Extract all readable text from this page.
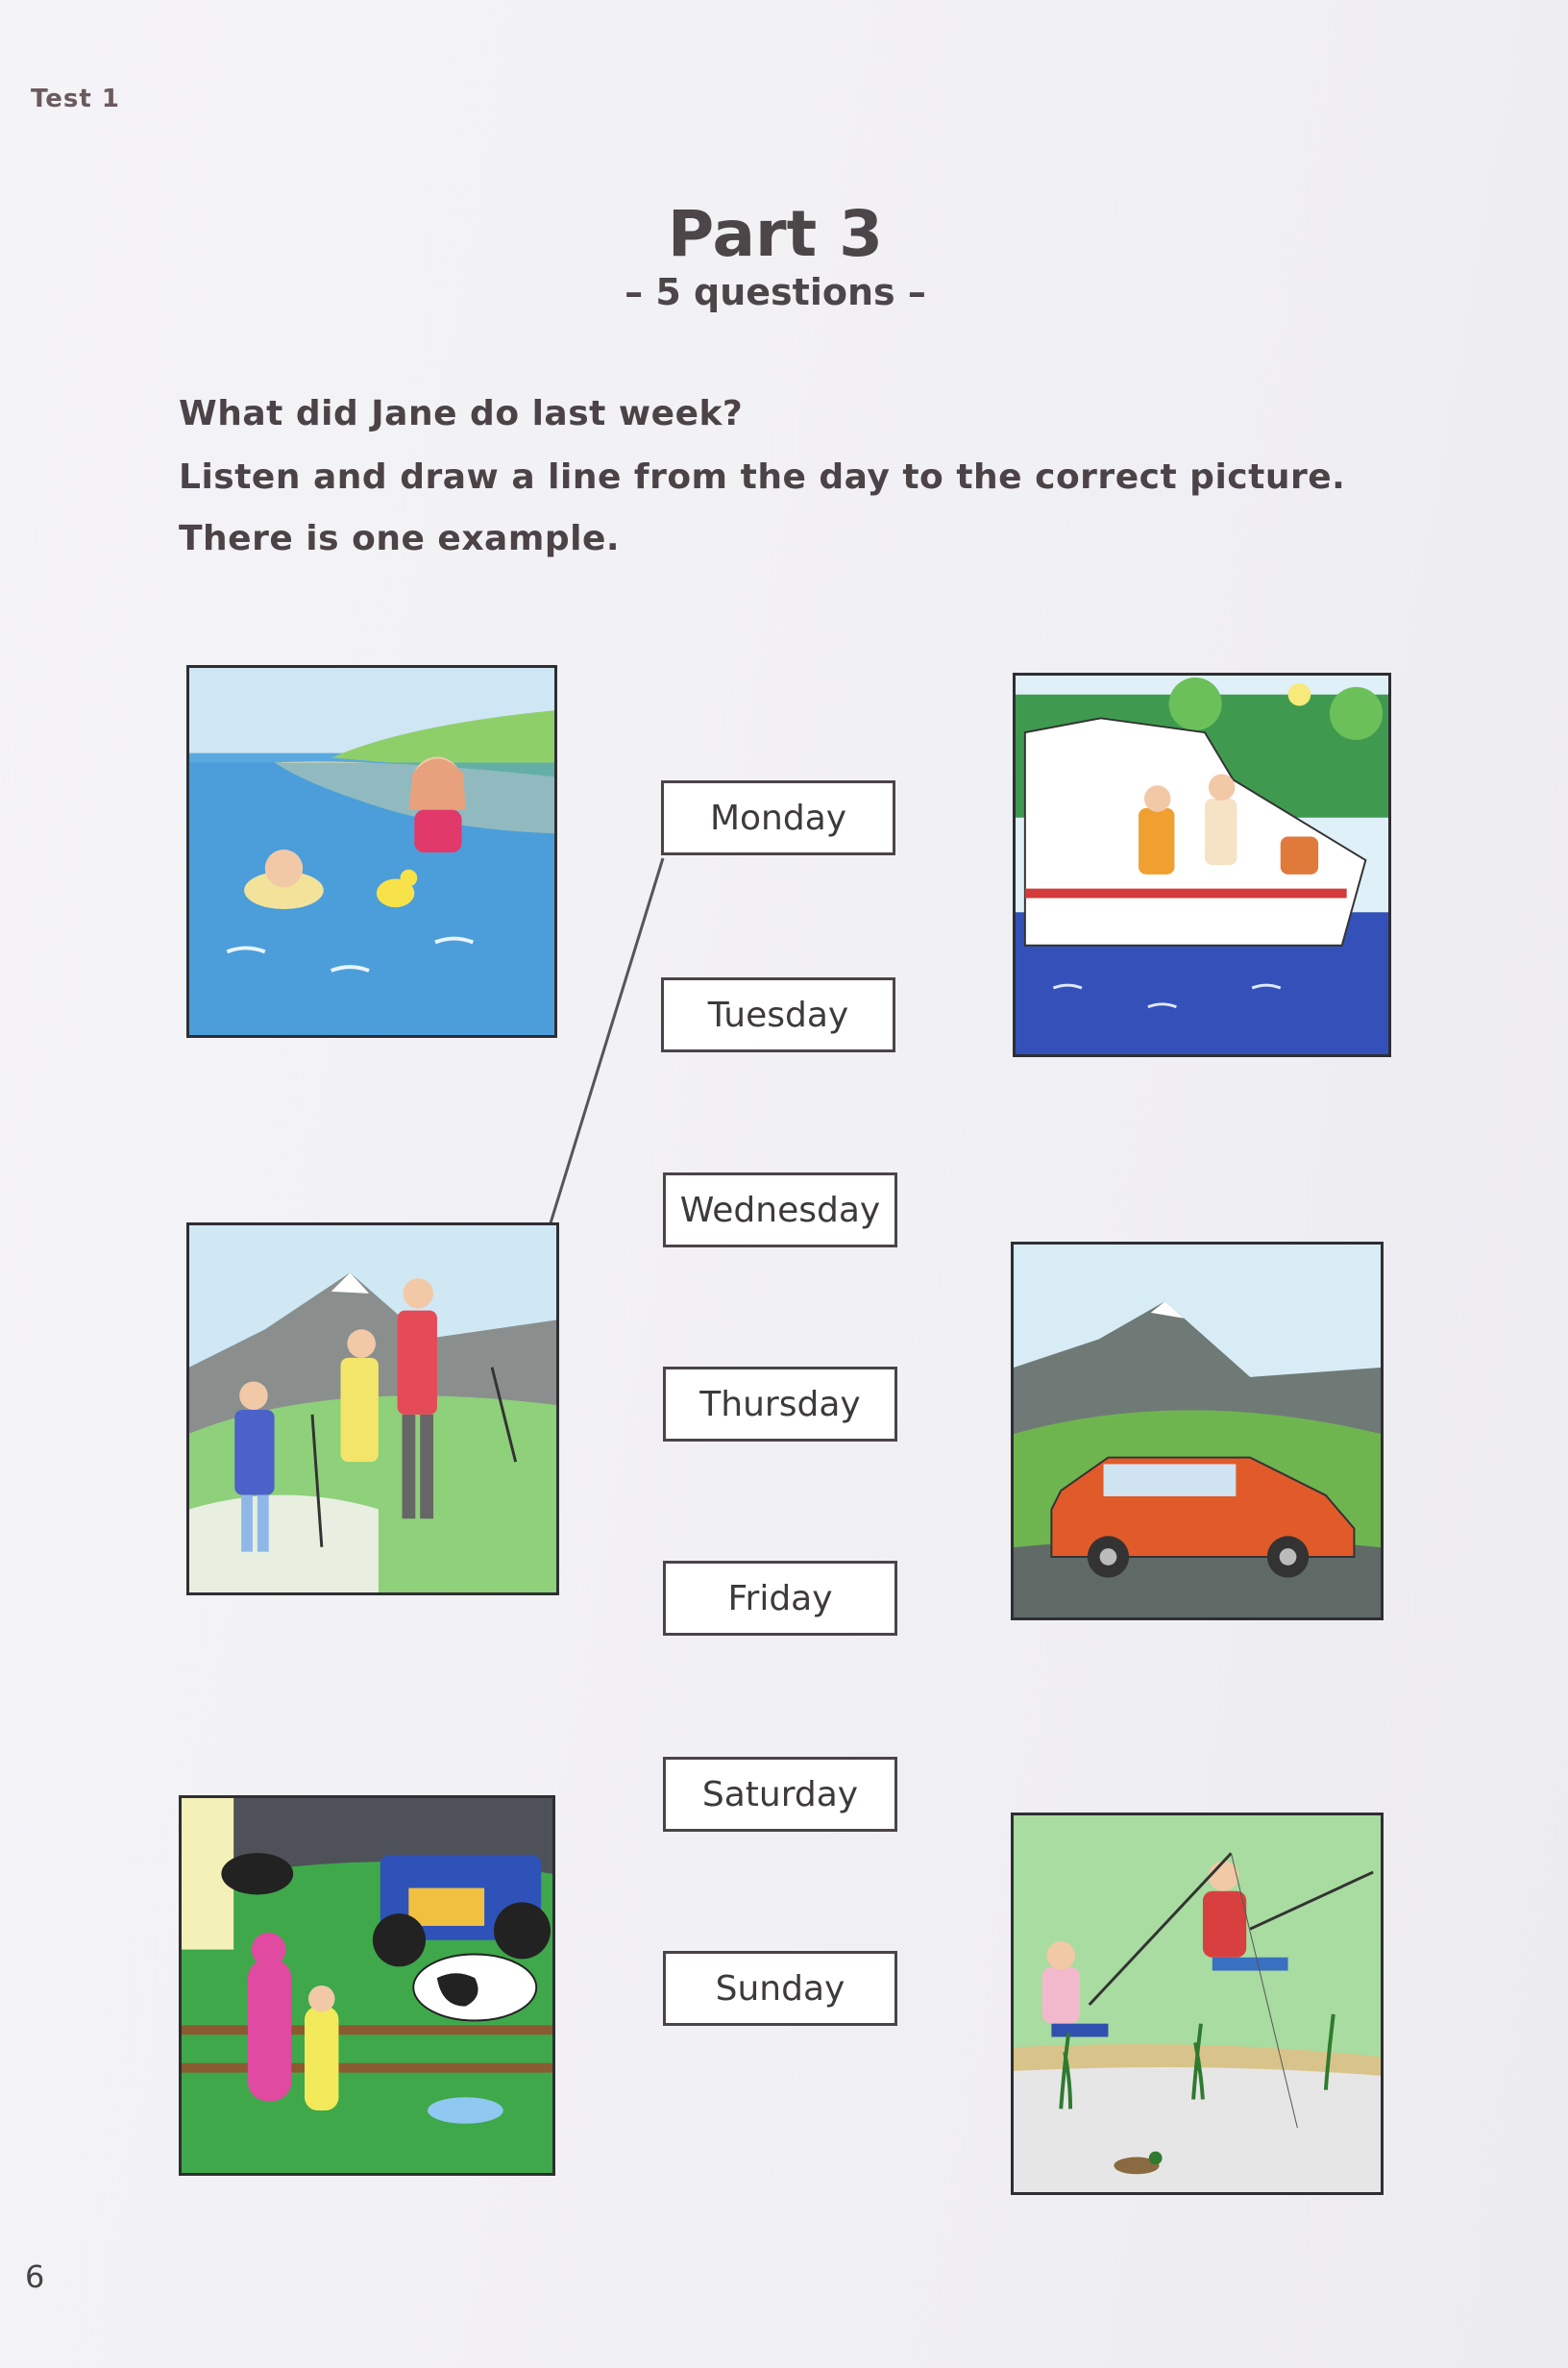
Test 1
Part 3
– 5 questions –
What did Jane do last week?
Listen and draw a line from the day to the correct picture.
There is one example.
Monday
Tuesday
Wednesday
Thursday
Friday
Saturday
Sunday
6
